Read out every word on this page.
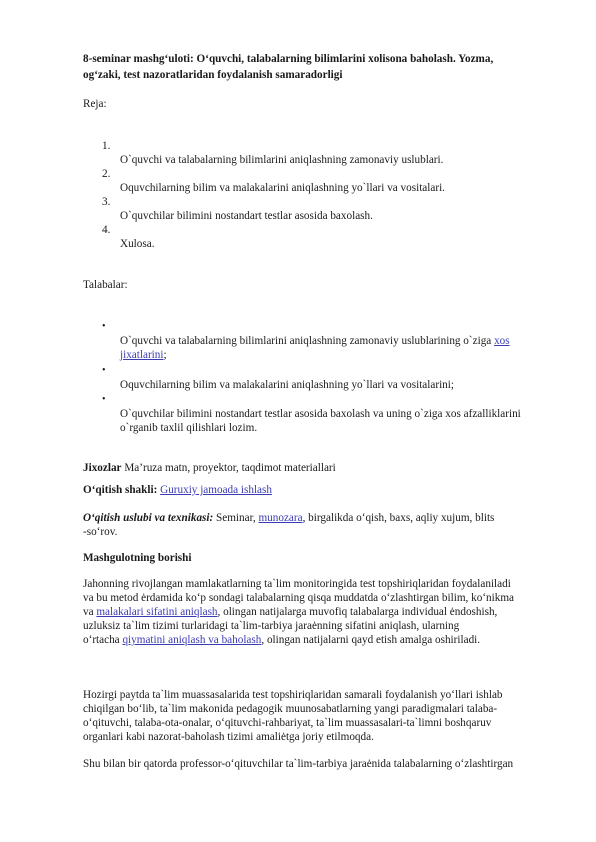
8-seminar mashg‘uloti: O‘quvchi, talabalarning bilimlarini xolisona baholash. Yozma,
og‘zaki, test nazoratlaridan foydalanish samaradorligi
Reja:
1.
O`quvchi va talabalarning bilimlarini aniqlashning zamonaviy uslublari.
2.
Oquvchilarning bilim va malakalarini aniqlashning yo`llari va vositalari.
3.
O`quvchilar bilimini nostandart testlar asosida baxolash.
4.
Xulosa.
Talabalar:
•
O`quvchi va talabalarning bilimlarini aniqlashning zamonaviy uslublarining o`ziga xos
jixatlarini;
•
Oquvchilarning bilim va malakalarini aniqlashning yo`llari va vositalarini;
•
O`quvchilar bilimini nostandart testlar asosida baxolash va uning o`ziga xos afzalliklarini
o`rganib taxlil qilishlari lozim.
Jixozlar Ma’ruza matn, proyektor, taqdimot materiallari
O‘qitish shakli: Guruxiy jamoada ishlash
O‘qitish uslubi va texnikasi: Seminar, munozara, birgalikda o‘qish, baxs, aqliy xujum, blits
-so‘rov.
Mashgulotning borishi
Jahonning rivojlangan mamlakatlarning ta`lim monitoringida test topshiriqlaridan foydalaniladi
va bu metod ėrdamida ko‘p sondagi talabalarning qisqa muddatda o‘zlashtirgan bilim, ko‘nikma
va malakalari sifatini aniqlash, olingan natijalarga muvofiq talabalarga individual ėndoshish,
uzluksiz ta`lim tizimi turlaridagi ta`lim-tarbiya jaraėnning sifatini aniqlash, ularning
o‘rtacha qiymatini aniqlash va baholash, olingan natijalarni qayd etish amalga oshiriladi.
Hozirgi paytda ta`lim muassasalarida test topshiriqlaridan samarali foydalanish yo‘llari ishlab
chiqilgan bo‘lib, ta`lim makonida pedagogik muunosabatlarning yangi paradigmalari talaba-
o‘qituvchi, talaba-ota-onalar, o‘qituvchi-rahbariyat, ta`lim muassasalari-ta`limni boshqaruv
organlari kabi nazorat-baholash tizimi amaliėtga joriy etilmoqda.
Shu bilan bir qatorda professor-o‘qituvchilar ta`lim-tarbiya jaraėnida talabalarning o‘zlashtirgan
